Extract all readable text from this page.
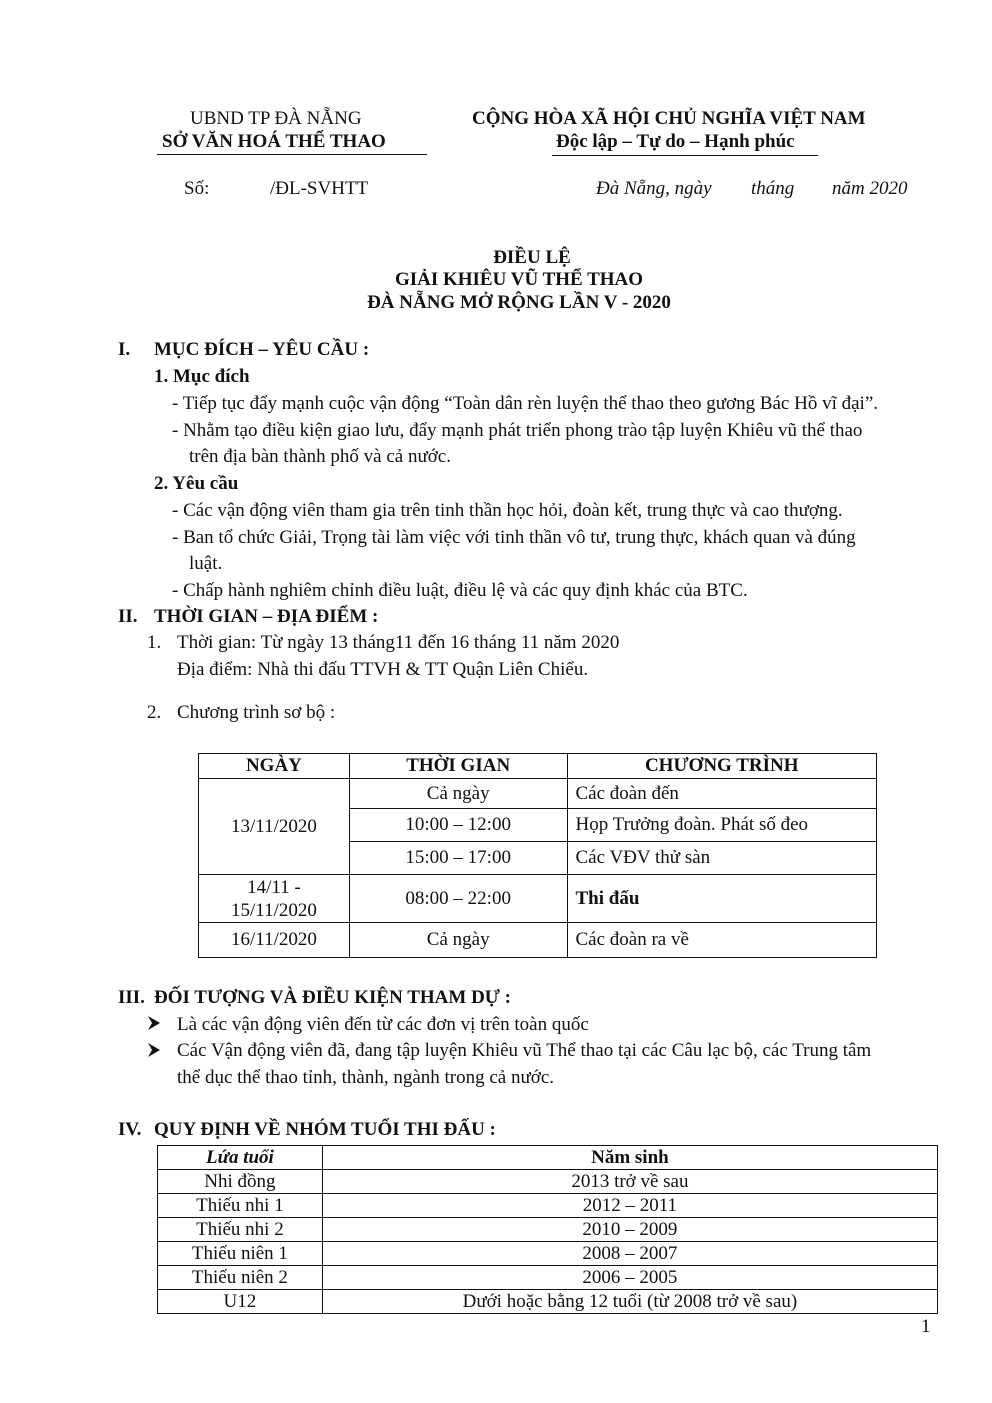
UBND TP ĐÀ NẴNG
SỞ VĂN HOÁ THỂ THAO
CỘNG HÒA XÃ HỘI CHỦ NGHĨA VIỆT NAM
Độc lập – Tự do – Hạnh phúc
Số:	/ĐL-SVHTT	Đà Nẵng, ngày tháng năm 2020
ĐIỀU LỆ
GIẢI KHIÊU VŨ THỂ THAO
ĐÀ NẴNG MỞ RỘNG LẦN V - 2020
I. MỤC ĐÍCH – YÊU CẦU :
1. Mục đích
- Tiếp tục đẩy mạnh cuộc vận động “Toàn dân rèn luyện thể thao theo gương Bác Hồ vĩ đại”.
- Nhằm tạo điều kiện giao lưu, đẩy mạnh phát triển phong trào tập luyện Khiêu vũ thể thao
trên địa bàn thành phố và cả nước.
2. Yêu cầu
- Các vận động viên tham gia trên tinh thần học hỏi, đoàn kết, trung thực và cao thượng.
- Ban tổ chức Giải, Trọng tài làm việc với tinh thần vô tư, trung thực, khách quan và đúng
luật.
- Chấp hành nghiêm chỉnh điều luật, điều lệ và các quy định khác của BTC.
II. THỜI GIAN – ĐỊA ĐIỂM :
1. Thời gian: Từ ngày 13 tháng11 đến 16 tháng 11 năm 2020
Địa điểm: Nhà thi đấu TTVH & TT Quận Liên Chiểu.
2. Chương trình sơ bộ :
NGÀY	THỜI GIAN	CHƯƠNG TRÌNH
13/11/2020	Cả ngày	Các đoàn đến
	10:00 – 12:00	Họp Trưởng đoàn. Phát số đeo
	15:00 – 17:00	Các VĐV thử sàn

14/11 -
15/11/2020	08:00 – 22:00	Thi đấu
16/11/2020	Cả ngày	Các đoàn ra về
III. ĐỐI TƯỢNG VÀ ĐIỀU KIỆN THAM DỰ :
Là các vận động viên đến từ các đơn vị trên toàn quốc
Các Vận động viên đã, đang tập luyện Khiêu vũ Thể thao tại các Câu lạc bộ, các Trung tâm
thể dục thể thao tỉnh, thành, ngành trong cả nước.
IV. QUY ĐỊNH VỀ NHÓM TUỔI THI ĐẤU :
Lứa tuổi	Năm sinh
Nhi đồng	2013 trở về sau
Thiếu nhi 1	2012 – 2011
Thiếu nhi 2	2010 – 2009
Thiếu niên 1	2008 – 2007
Thiếu niên 2	2006 – 2005
U12	Dưới hoặc bằng 12 tuổi (từ 2008 trở về sau)
1
